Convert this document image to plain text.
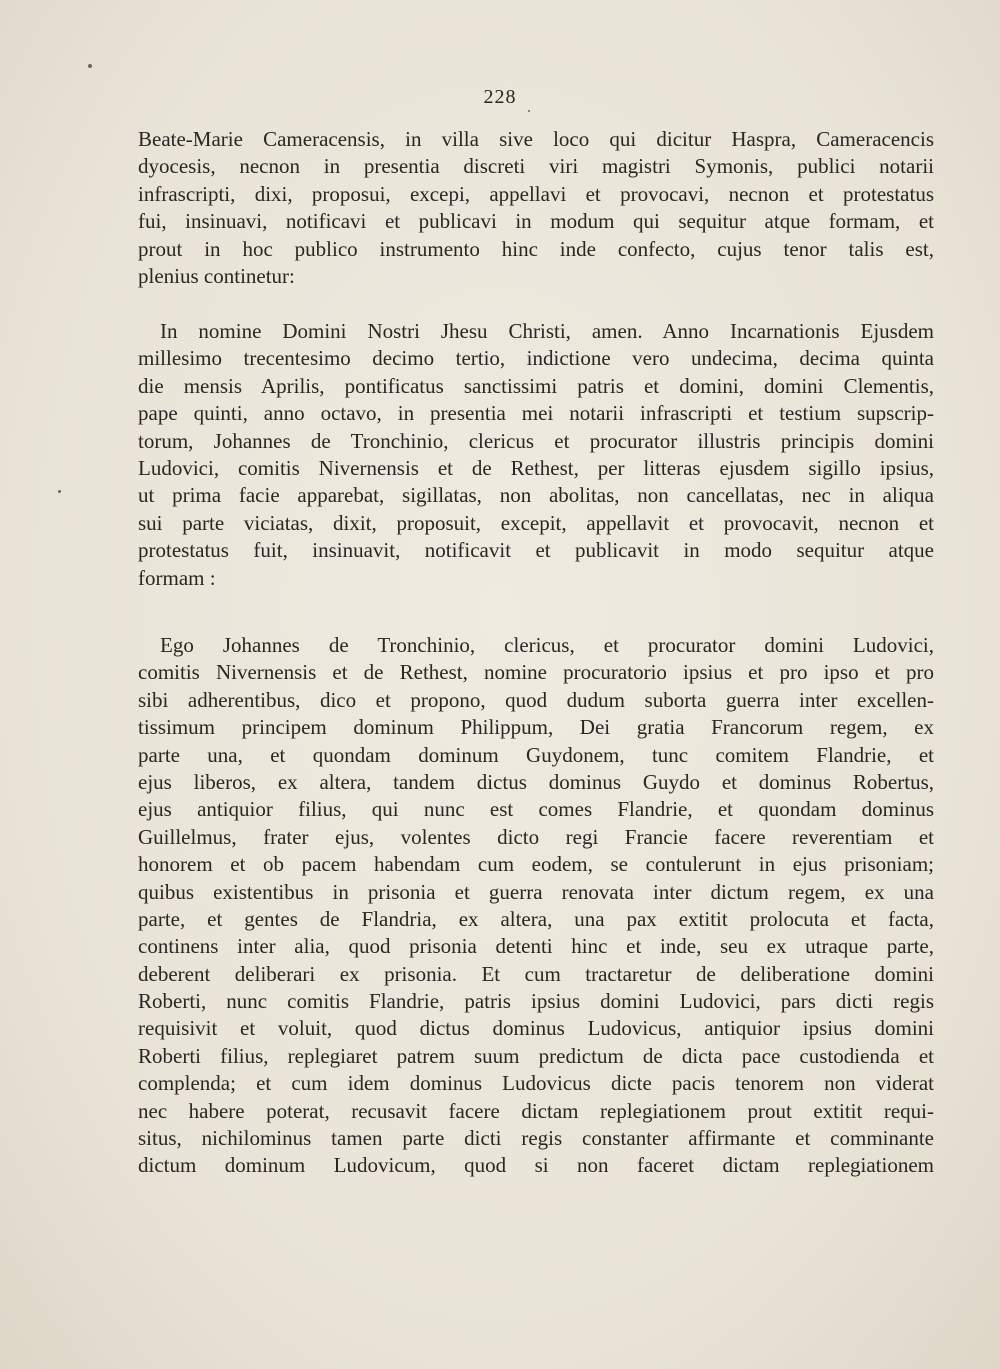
228
Beate-Marie Cameracensis, in villa sive loco qui dicitur Haspra, Cameracencis
dyocesis, necnon in presentia discreti viri magistri Symonis, publici notarii
infrascripti, dixi, proposui, excepi, appellavi et provocavi, necnon et protestatus
fui, insinuavi, notificavi et publicavi in modum qui sequitur atque formam, et
prout in hoc publico instrumento hinc inde confecto, cujus tenor talis est,
plenius continetur:
In nomine Domini Nostri Jhesu Christi, amen. Anno Incarnationis Ejusdem
millesimo trecentesimo decimo tertio, indictione vero undecima, decima quinta
die mensis Aprilis, pontificatus sanctissimi patris et domini, domini Clementis,
pape quinti, anno octavo, in presentia mei notarii infrascripti et testium supscrip-
torum, Johannes de Tronchinio, clericus et procurator illustris principis domini
Ludovici, comitis Nivernensis et de Rethest, per litteras ejusdem sigillo ipsius,
ut prima facie apparebat, sigillatas, non abolitas, non cancellatas, nec in aliqua
sui parte viciatas, dixit, proposuit, excepit, appellavit et provocavit, necnon et
protestatus fuit, insinuavit, notificavit et publicavit in modo sequitur atque
formam :
Ego Johannes de Tronchinio, clericus, et procurator domini Ludovici,
comitis Nivernensis et de Rethest, nomine procuratorio ipsius et pro ipso et pro
sibi adherentibus, dico et propono, quod dudum suborta guerra inter excellen-
tissimum principem dominum Philippum, Dei gratia Francorum regem, ex
parte una, et quondam dominum Guydonem, tunc comitem Flandrie, et
ejus liberos, ex altera, tandem dictus dominus Guydo et dominus Robertus,
ejus antiquior filius, qui nunc est comes Flandrie, et quondam dominus
Guillelmus, frater ejus, volentes dicto regi Francie facere reverentiam et
honorem et ob pacem habendam cum eodem, se contulerunt in ejus prisoniam;
quibus existentibus in prisonia et guerra renovata inter dictum regem, ex una
parte, et gentes de Flandria, ex altera, una pax extitit prolocuta et facta,
continens inter alia, quod prisonia detenti hinc et inde, seu ex utraque parte,
deberent deliberari ex prisonia. Et cum tractaretur de deliberatione domini
Roberti, nunc comitis Flandrie, patris ipsius domini Ludovici, pars dicti regis
requisivit et voluit, quod dictus dominus Ludovicus, antiquior ipsius domini
Roberti filius, replegiaret patrem suum predictum de dicta pace custodienda et
complenda; et cum idem dominus Ludovicus dicte pacis tenorem non viderat
nec habere poterat, recusavit facere dictam replegiationem prout extitit requi-
situs, nichilominus tamen parte dicti regis constanter affirmante et comminante
dictum dominum Ludovicum, quod si non faceret dictam replegiationem
